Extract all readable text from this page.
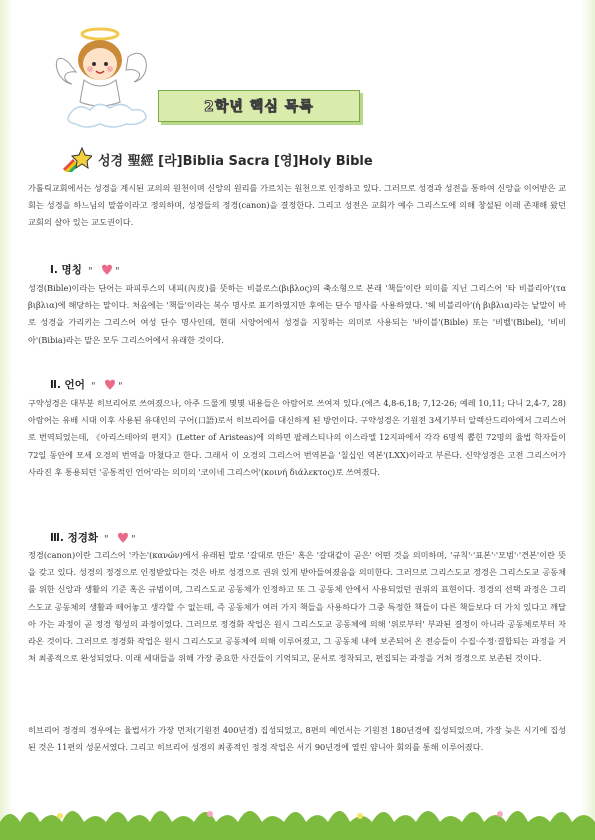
2학년 핵심 목록
성경 聖經 [라]Biblia Sacra [영]Holy Bible

가톨릭교회에서는 성경을 계시된 교의의 원천이며 신앙의 원리를 가르치는 원천으로 인정하고 있다. 그러므로 성경과 성전을 통하여 신앙을 이어받은 교회는 성경을 하느님의 말씀이라고 정의하며, 성경들의 정경(canon)을 결정한다. 그리고 성전은 교회가 예수 그리스도에 의해 창설된 이래 존재해 왔던 교회의 살아 있는 교도권이다.

Ⅰ. 명칭 " "

성경(Bible)이라는 단어는 파피루스의 내피(內皮)를 뜻하는 비블로스(βιβλος)의 축소형으로 본래 '책들'이란 의미를 지닌 그리스어 '타 비블리아'(τα βιβλια)에 해당하는 말이다. 처음에는 '책들'이라는 복수 명사로 표기하였지만 후에는 단수 명사를 사용하였다. '헤 비블리아'(ἡ βιβλια)라는 낱말이 바로 성경을 가리키는 그리스어 여성 단수 명사인데, 현대 서양어에서 성경을 지칭하는 의미로 사용되는 '바이블'(Bible) 또는 '비벨'(Bibel), '비비아'(Bibia)라는 말은 모두 그리스어에서 유래한 것이다.

Ⅱ. 언어 " "

구약성경은 대부분 히브리어로 쓰여졌으나, 아주 드물게 몇몇 내용들은 아람어로 쓰여져 있다.(에즈 4,8-6,18; 7,12-26; 예레 10,11; 다니 2,4-7, 28) 아람어는 유배 시대 이후 사용된 유대인의 구어(口語)로서 히브리어를 대신하게 된 방언이다. 구약성경은 기원전 3세기부터 알렉산드리아에서 그리스어로 번역되었는데, 《아리스테아의 편지》(Letter of Aristeas)에 의하면 팔레스티나의 이스라엘 12지파에서 각각 6명씩 뽑힌 72명의 율법 학자들이 72일 동안에 모세 오경의 번역을 마쳤다고 한다. 그래서 이 오경의 그리스어 번역본을 '칠십인 역본'(LXX)이라고 부른다. 신약성경은 고전 그리스어가 사라진 후 통용되던 '공통적인 언어'라는 의미의 '코이네 그리스어'(κοινή διάλεκτος)로 쓰여졌다.

Ⅲ. 정경화 " "

정경(canon)이란 그리스어 '카논'(κανών)에서 유래된 말로 '갈대로 만든' 혹은 '갈대같이 곧은' 어떤 것을 의미하며, '규칙'·'표본'·'모범'·'견본'이란 뜻을 갖고 있다. 성경의 정경으로 인정받았다는 것은 바로 성경으로 권위 있게 받아들여졌음을 의미한다. 그러므로 그리스도교 정경은 그리스도교 공동체를 위한 신앙과 생활의 기준 혹은 규범이며, 그리스도교 공동체가 인정하고 또 그 공동체 안에서 사용되었던 권위의 표현이다. 정경의 선택 과정은 그리스도교 공동체의 생활과 떼어놓고 생각할 수 없는데, 즉 공동체가 여러 가지 책들을 사용하다가 그중 특정한 책들이 다른 책들보다 더 가치 있다고 깨달아 가는 과정이 곧 정경 형성의 과정이었다. 그러므로 정경화 작업은 원시 그리스도교 공동체에 의해 '위로부터' 부과된 결정이 아니라 공동체로부터 자라온 것이다. 그러므로 정경화 작업은 원시 그리스도교 공동체에 의해 이루어졌고, 그 공동체 내에 보존되어 온 전승들이 수집·수정·결합되는 과정을 거쳐 최종적으로 완성되었다. 미래 세대들을 위해 가장 중요한 사건들이 기억되고, 문서로 정착되고, 편집되는 과정을 거쳐 정경으로 보존된 것이다.

히브리어 정경의 경우에는 율법서가 가장 먼저(기원전 400년경) 집성되었고, 8편의 예언서는 기원전 180년경에 집성되었으며, 가장 늦은 시기에 집성된 것은 11편의 성문서였다. 그리고 히브리어 성경의 최종적인 정경 작업은 서기 90년경에 열린 얌니아 회의를 통해 이루어졌다.
